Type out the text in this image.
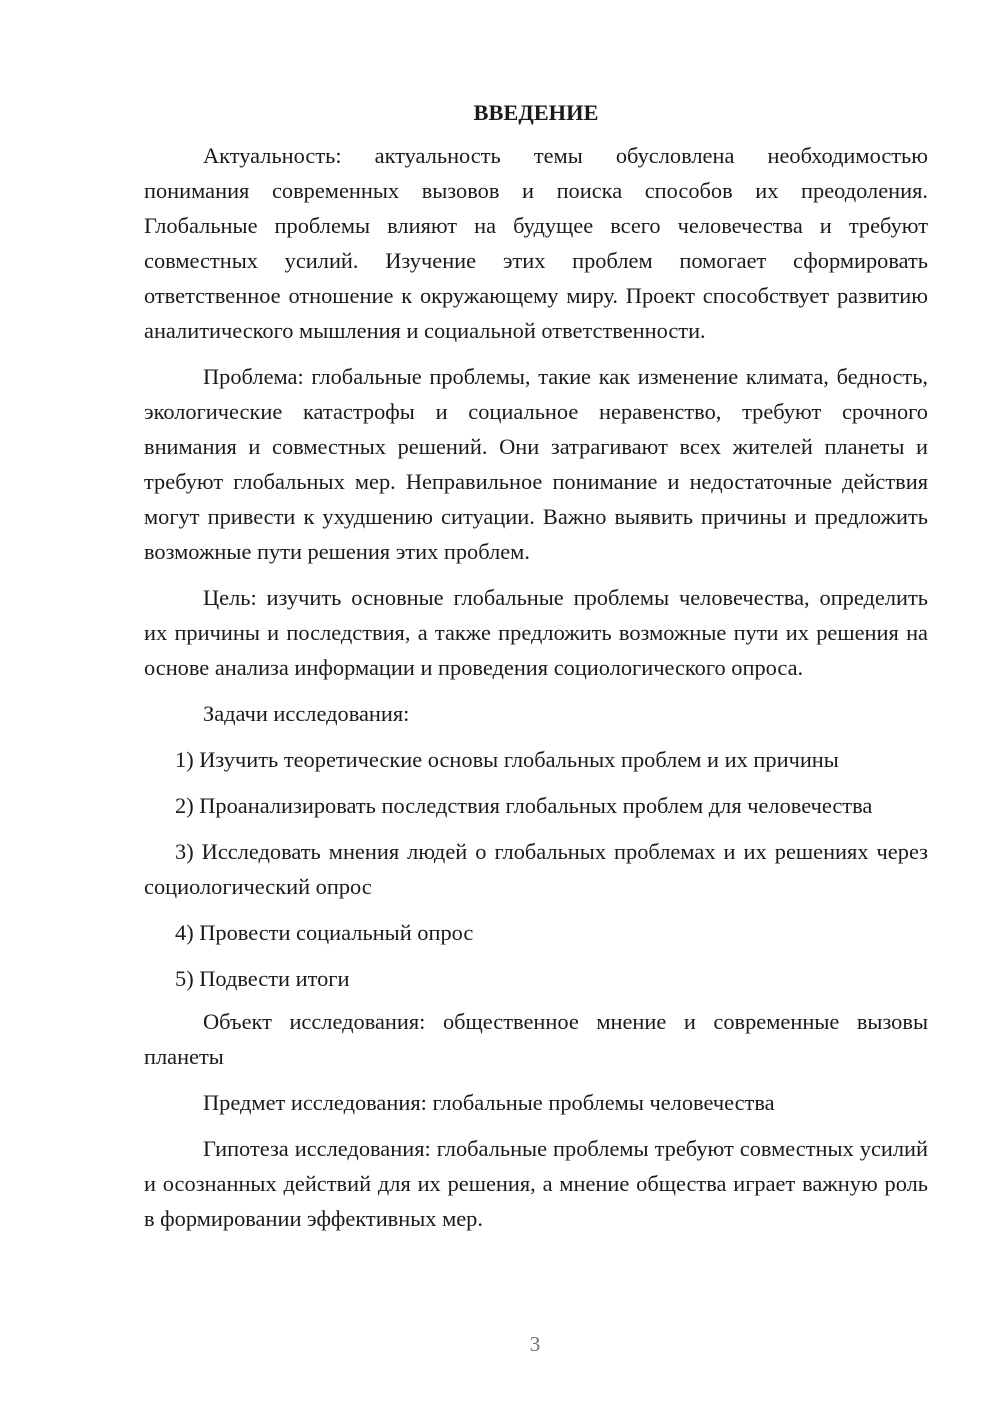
ВВЕДЕНИЕ

Актуальность: актуальность темы обусловлена необходимостью понимания современных вызовов и поиска способов их преодоления. Глобальные проблемы влияют на будущее всего человечества и требуют совместных усилий. Изучение этих проблем помогает сформировать ответственное отношение к окружающему миру. Проект способствует развитию аналитического мышления и социальной ответственности.

Проблема: глобальные проблемы, такие как изменение климата, бедность, экологические катастрофы и социальное неравенство, требуют срочного внимания и совместных решений. Они затрагивают всех жителей планеты и требуют глобальных мер. Неправильное понимание и недостаточные действия могут привести к ухудшению ситуации. Важно выявить причины и предложить возможные пути решения этих проблем.

Цель: изучить основные глобальные проблемы человечества, определить их причины и последствия, а также предложить возможные пути их решения на основе анализа информации и проведения социологического опроса.

Задачи исследования:

1) Изучить теоретические основы глобальных проблем и их причины

2) Проанализировать последствия глобальных проблем для человечества

3) Исследовать мнения людей о глобальных проблемах и их решениях через социологический опрос

4) Провести социальный опрос

5) Подвести итоги

Объект исследования: общественное мнение и современные вызовы планеты

Предмет исследования: глобальные проблемы человечества

Гипотеза исследования: глобальные проблемы требуют совместных усилий и осознанных действий для их решения, а мнение общества играет важную роль в формировании эффективных мер.

3
